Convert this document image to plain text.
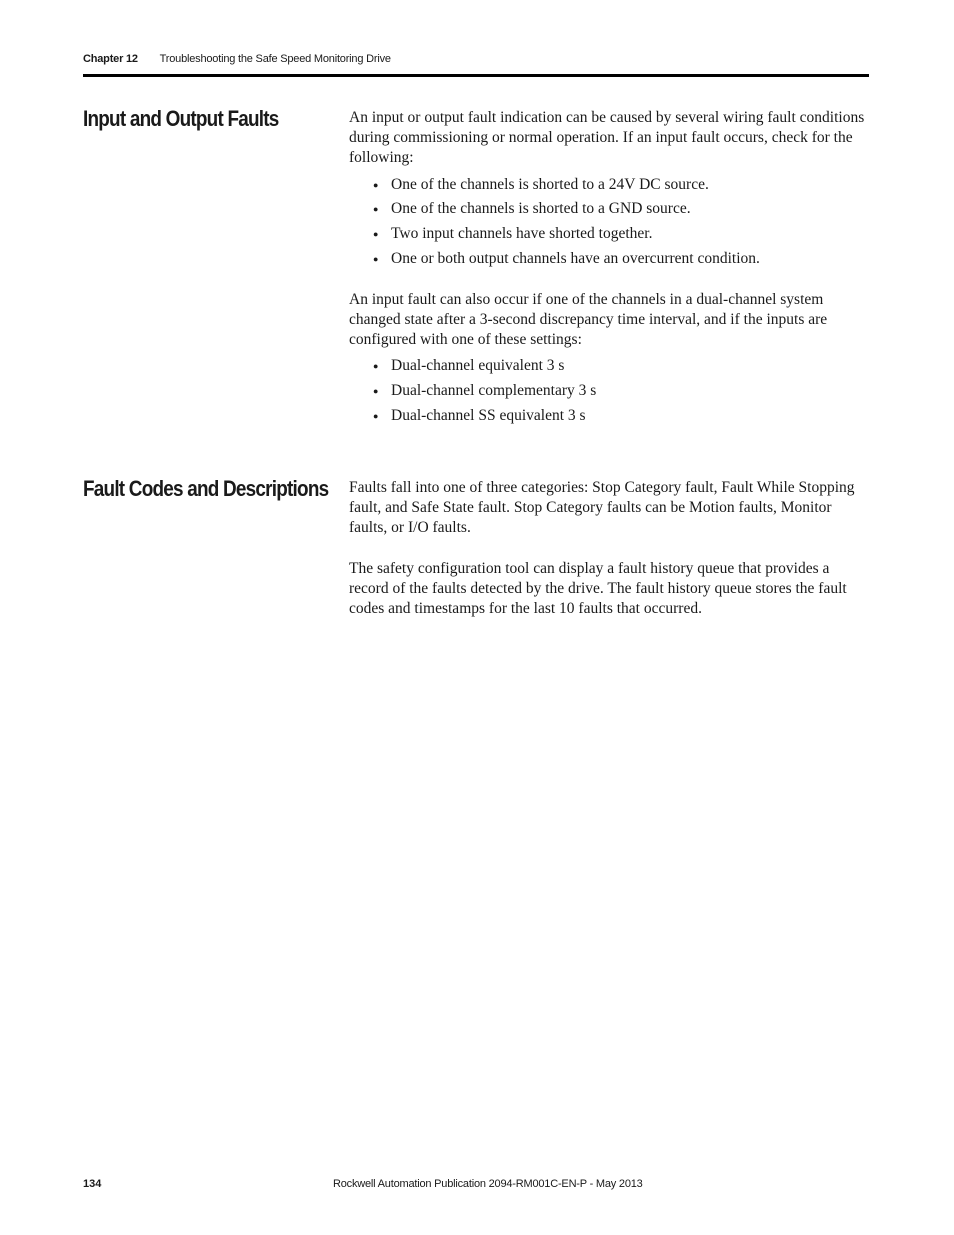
Chapter 12 Troubleshooting the Safe Speed Monitoring Drive
Input and Output Faults	An input or output fault indication can be caused by several wiring fault conditions during commissioning or normal operation. If an input fault occurs, check for the following:

● One of the channels is shorted to a 24V DC source.
● One of the channels is shorted to a GND source.
● Two input channels have shorted together.
● One or both output channels have an overcurrent condition.

An input fault can also occur if one of the channels in a dual-channel system changed state after a 3-second discrepancy time interval, and if the inputs are configured with one of these settings:

● Dual-channel equivalent 3 s
● Dual-channel complementary 3 s
● Dual-channel SS equivalent 3 s
Fault Codes and Descriptions Faults fall into one of three categories: Stop Category fault, Fault While Stopping fault, and Safe State fault. Stop Category faults can be Motion faults, Monitor faults, or I/O faults.

The safety configuration tool can display a fault history queue that provides a record of the faults detected by the drive. The fault history queue stores the fault codes and timestamps for the last 10 faults that occurred.

134	Rockwell Automation Publication 2094-RM001C-EN-P - May 2013
